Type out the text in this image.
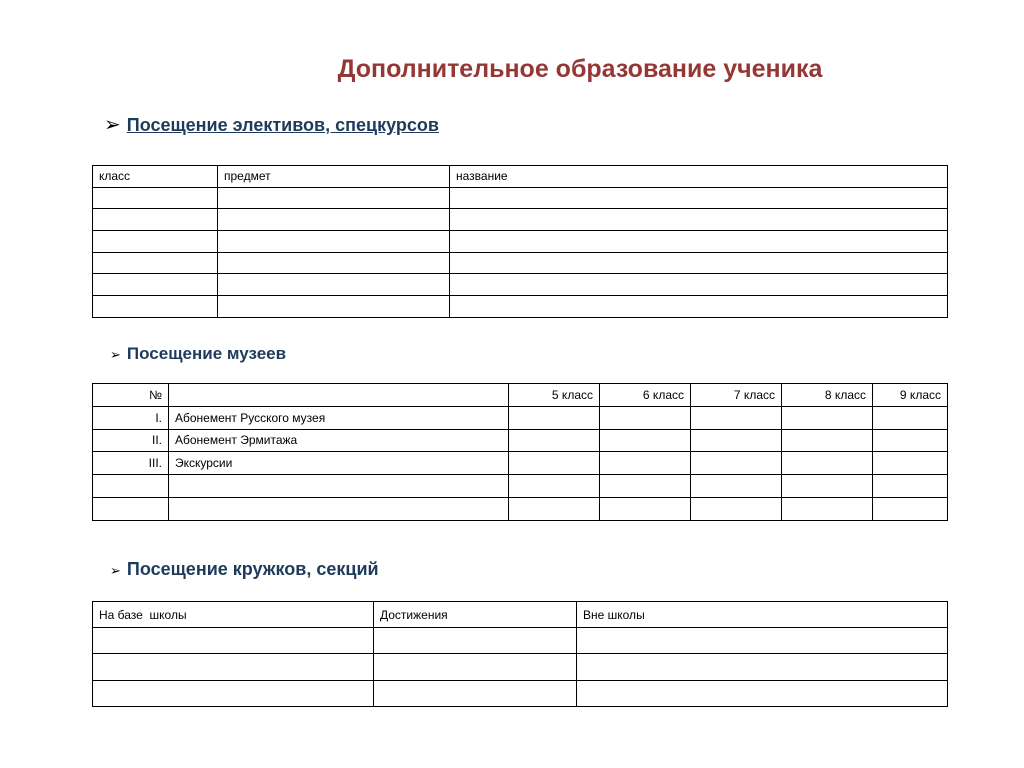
Дополнительное образование ученика
➢ Посещение элективов, спецкурсов
класс	предмет	название

➢ Посещение музеев
№		5 класс	6 класс	7 класс	8 класс	9 класс
I.	Абонемент Русского музея					
II.	Абонемент Эрмитажа					
III.	Экскурсии					

➢ Посещение кружков, секций
На базе  школы	Достижения	Вне школы
